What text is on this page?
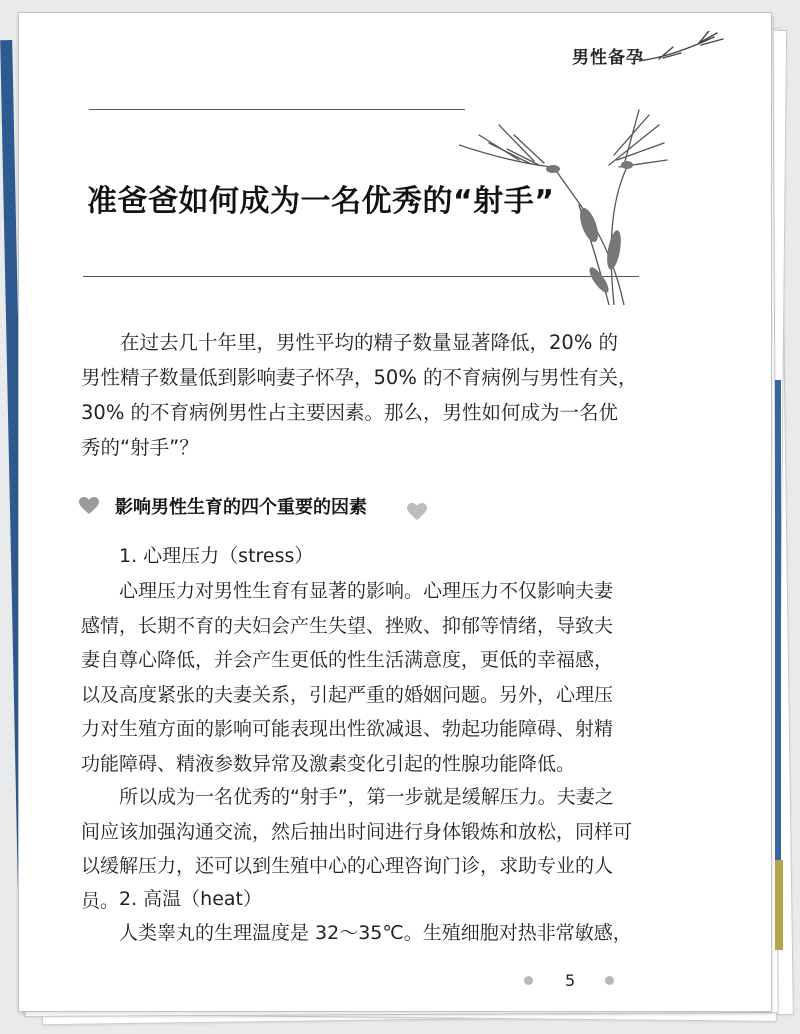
男性备孕
准爸爸如何成为一名优秀的“射手”

在过去几十年里，男性平均的精子数量显著降低，20% 的
男性精子数量低到影响妻子怀孕，50% 的不育病例与男性有关，
30% 的不育病例男性占主要因素。那么，男性如何成为一名优
秀的“射手”？

影响男性生育的四个重要的因素

1. 心理压力（stress）

心理压力对男性生育有显著的影响。心理压力不仅影响夫妻
感情，长期不育的夫妇会产生失望、挫败、抑郁等情绪，导致夫
妻自尊心降低，并会产生更低的性生活满意度，更低的幸福感，
以及高度紧张的夫妻关系，引起严重的婚姻问题。另外，心理压
力对生殖方面的影响可能表现出性欲减退、勃起功能障碍、射精
功能障碍、精液参数异常及激素变化引起的性腺功能降低。

所以成为一名优秀的“射手”，第一步就是缓解压力。夫妻之
间应该加强沟通交流，然后抽出时间进行身体锻炼和放松，同样可
以缓解压力，还可以到生殖中心的心理咨询门诊，求助专业的人员。 2. 高温（heat）

人类睾丸的生理温度是 32～35℃。生殖细胞对热非常敏感，

5
